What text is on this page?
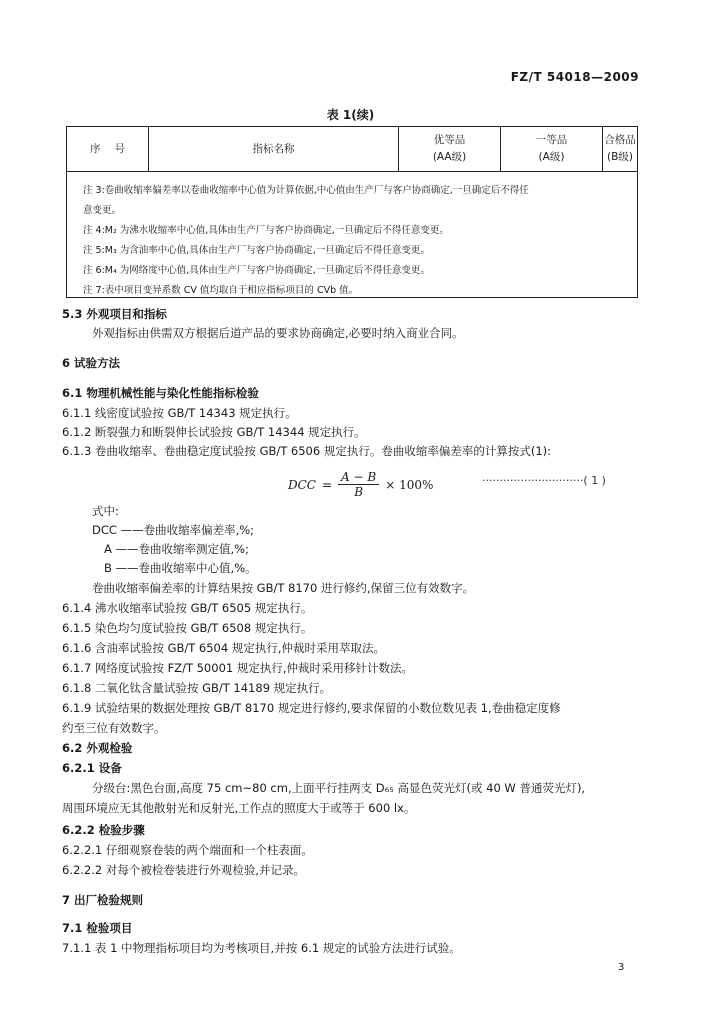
FZ/T 54018—2009
表 1(续)
序 号	指标名称
优等品
(AA级)
一等品
(A级)
合格品
(B级)
注 3:卷曲收缩率偏差率以卷曲收缩率中心值为计算依据,中心值由生产厂与客户协商确定,一旦确定后不得任
意变更。
注 4:M₂ 为沸水收缩率中心值,具体由生产厂与客户协商确定,一旦确定后不得任意变更。
注 5:M₃ 为含油率中心值,具体由生产厂与客户协商确定,一旦确定后不得任意变更。
注 6:M₄ 为网络度中心值,具体由生产厂与客户协商确定,一旦确定后不得任意变更。
注 7:表中项目变异系数 CV 值均取自于相应指标项目的 CVb 值。
5.3 外观项目和指标
外观指标由供需双方根据后道产品的要求协商确定,必要时纳入商业合同。
6 试验方法
6.1 物理机械性能与染化性能指标检验
6.1.1 线密度试验按 GB/T 14343 规定执行。
6.1.2 断裂强力和断裂伸长试验按 GB/T 14344 规定执行。
6.1.3 卷曲收缩率、卷曲稳定度试验按 GB/T 6506 规定执行。卷曲收缩率偏差率的计算按式(1):
DCC = $\frac{A - B}{B} \times 100\%$	·····························( 1 )
式中:
DCC ——卷曲收缩率偏差率,%;
A ——卷曲收缩率测定值,%;
B ——卷曲收缩率中心值,%。
卷曲收缩率偏差率的计算结果按 GB/T 8170 进行修约,保留三位有效数字。
6.1.4 沸水收缩率试验按 GB/T 6505 规定执行。
6.1.5 染色均匀度试验按 GB/T 6508 规定执行。
6.1.6 含油率试验按 GB/T 6504 规定执行,仲裁时采用萃取法。
6.1.7 网络度试验按 FZ/T 50001 规定执行,仲裁时采用移针计数法。
6.1.8 二氧化钛含量试验按 GB/T 14189 规定执行。
6.1.9 试验结果的数据处理按 GB/T 8170 规定进行修约,要求保留的小数位数见表 1,卷曲稳定度修
约至三位有效数字。
6.2 外观检验
6.2.1 设备
分级台:黑色台面,高度 75 cm~80 cm,上面平行挂两支 D₆₅ 高显色荧光灯(或 40 W 普通荧光灯),
周围环境应无其他散射光和反射光,工作点的照度大于或等于 600 lx。
6.2.2 检验步骤
6.2.2.1 仔细观察卷装的两个端面和一个柱表面。
6.2.2.2 对每个被检卷装进行外观检验,并记录。
7 出厂检验规则
7.1 检验项目
7.1.1 表 1 中物理指标项目均为考核项目,并按 6.1 规定的试验方法进行试验。
3
